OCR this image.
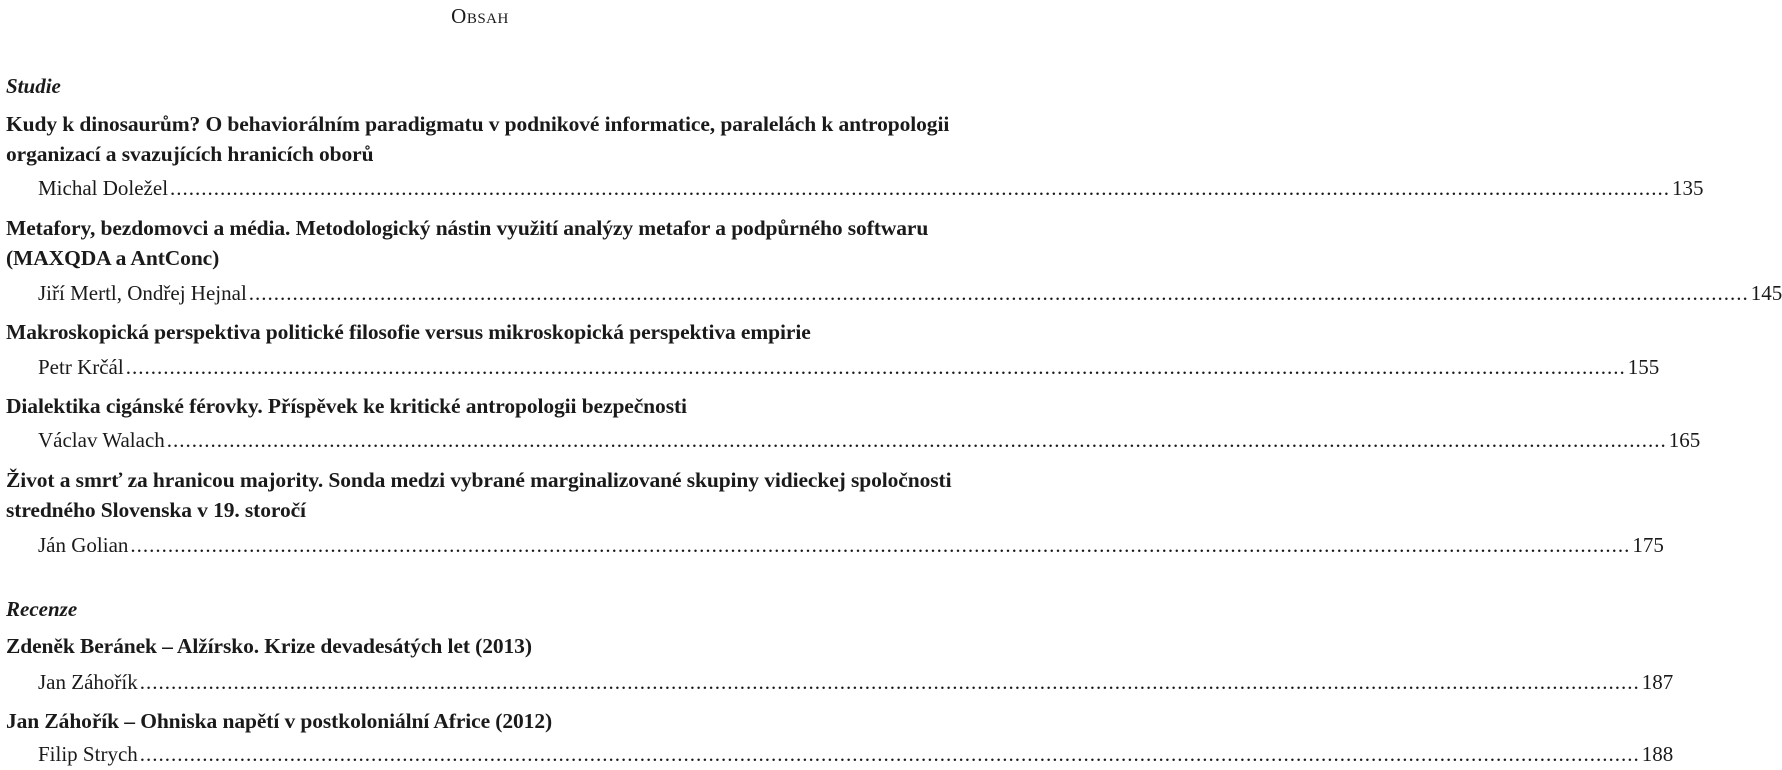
Obsah
Studie
Kudy k dinosaurům? O behaviorálním paradigmatu v podnikové informatice, paralelách k antropologii organizací a svazujících hranicích oborů
Michal Doležel ................................................................................................................................................................................................................................................ 135
Metafory, bezdomovci a média. Metodologický nástin využití analýzy metafor a podpůrného softwaru (MAXQDA a AntConc)
Jiří Mertl, Ondřej Hejnal ................................................................................................................................................................................................................................................ 145
Makroskopická perspektiva politické filosofie versus mikroskopická perspektiva empirie
Petr Krčál ................................................................................................................................................................................................................................................ 155
Dialektika cigánské férovky. Příspěvek ke kritické antropologii bezpečnosti
Václav Walach ................................................................................................................................................................................................................................................ 165
Život a smrť za hranicou majority. Sonda medzi vybrané marginalizované skupiny vidieckej spoločnosti stredného Slovenska v 19. storočí
Ján Golian ................................................................................................................................................................................................................................................ 175
Recenze
Zdeněk Beránek – Alžírsko. Krize devadesátých let (2013)
Jan Záhořík ................................................................................................................................................................................................................................................ 187
Jan Záhořík – Ohniska napětí v postkoloniální Africe (2012)
Filip Strych ................................................................................................................................................................................................................................................ 188
